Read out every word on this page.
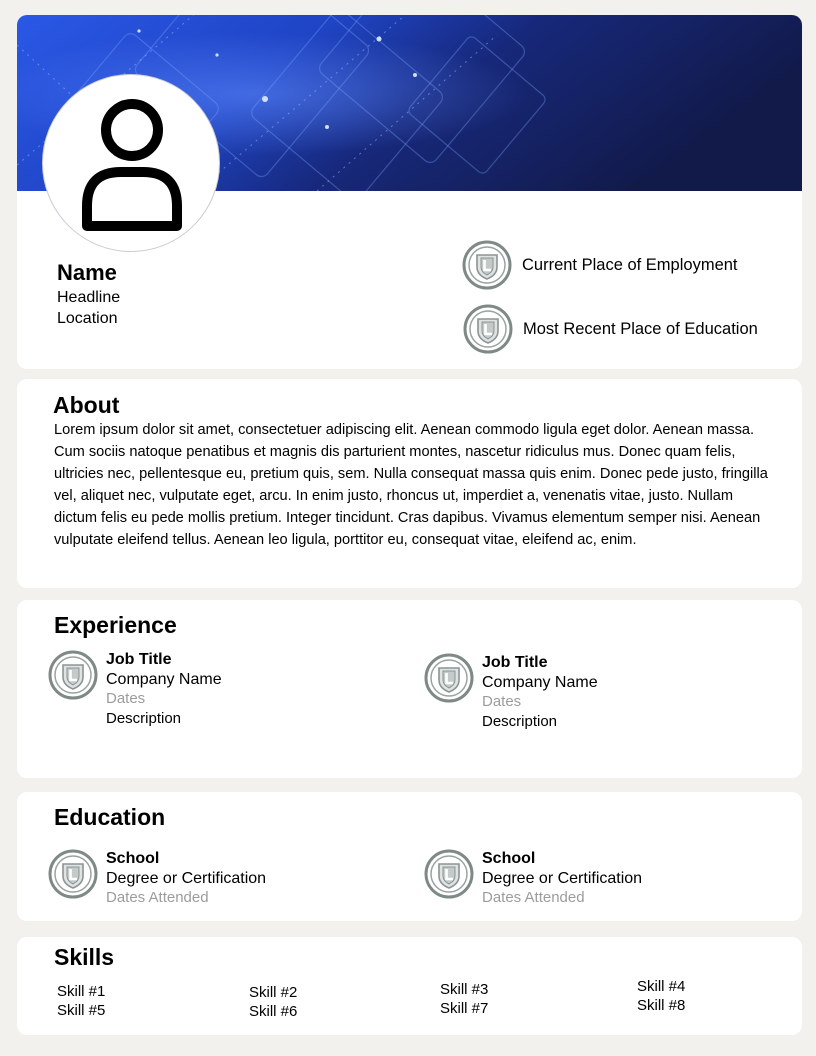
Name
Headline
Location
Current Place of Employment
Most Recent Place of Education
About
Lorem ipsum dolor sit amet, consectetuer adipiscing elit. Aenean commodo ligula eget dolor. Aenean massa. Cum sociis natoque penatibus et magnis dis parturient montes, nascetur ridiculus mus. Donec quam felis, ultricies nec, pellentesque eu, pretium quis, sem. Nulla consequat massa quis enim. Donec pede justo, fringilla vel, aliquet nec, vulputate eget, arcu. In enim justo, rhoncus ut, imperdiet a, venenatis vitae, justo. Nullam dictum felis eu pede mollis pretium. Integer tincidunt. Cras dapibus. Vivamus elementum semper nisi. Aenean vulputate eleifend tellus. Aenean leo ligula, porttitor eu, consequat vitae, eleifend ac, enim.
Experience
Job Title
Company Name
Dates
Description
Job Title
Company Name
Dates
Description
Education
School
Degree or Certification
Dates Attended
School
Degree or Certification
Dates Attended
Skills
Skill #1
Skill #5
Skill #2
Skill #6
Skill #3
Skill #7
Skill #4
Skill #8
